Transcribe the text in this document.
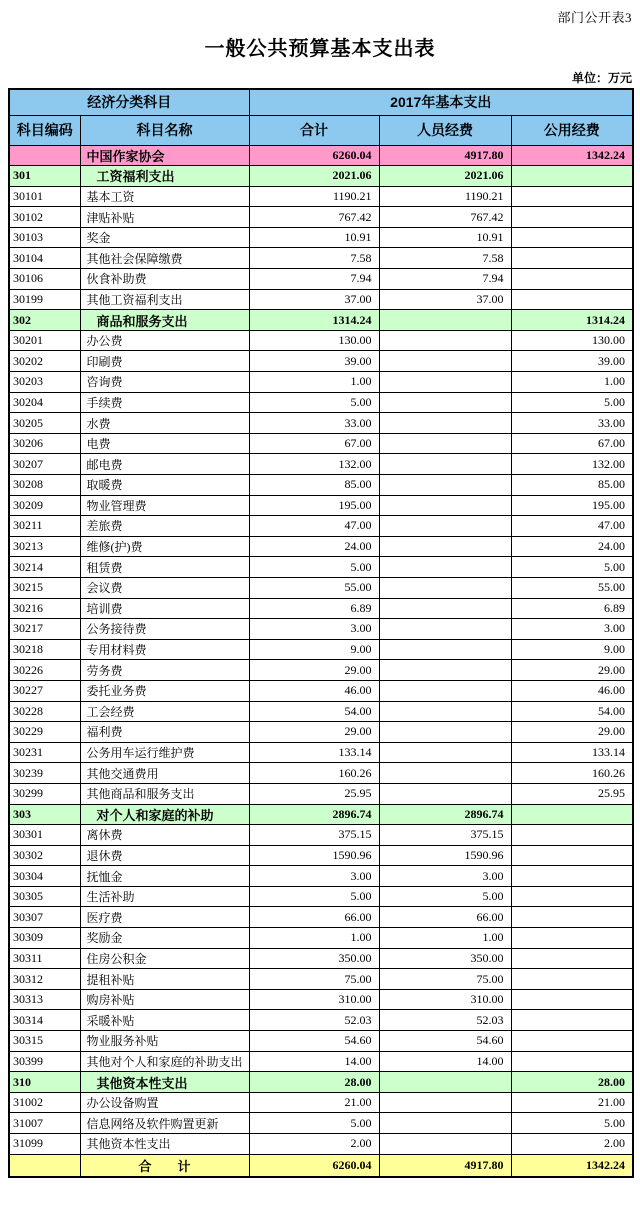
部门公开表3
一般公共预算基本支出表
单位：万元
经济分类科目		2017年基本支出		
科目编码	科目名称	合计	人员经费	公用经费
	中国作家协会	6260.04	4917.80	1342.24
301	工资福利支出	2021.06	2021.06	
30101	基本工资	1190.21	1190.21	
30102	津贴补贴	767.42	767.42	
30103	奖金	10.91	10.91	
30104	其他社会保障缴费	7.58	7.58	
30106	伙食补助费	7.94	7.94	
30199	其他工资福利支出	37.00	37.00	
302	商品和服务支出	1314.24		1314.24
30201	办公费	130.00		130.00
30202	印刷费	39.00		39.00
30203	咨询费	1.00		1.00
30204	手续费	5.00		5.00
30205	水费	33.00		33.00
30206	电费	67.00		67.00
30207	邮电费	132.00		132.00
30208	取暖费	85.00		85.00
30209	物业管理费	195.00		195.00
30211	差旅费	47.00		47.00
30213	维修(护)费	24.00		24.00
30214	租赁费	5.00		5.00
30215	会议费	55.00		55.00
30216	培训费	6.89		6.89
30217	公务接待费	3.00		3.00
30218	专用材料费	9.00		9.00
30226	劳务费	29.00		29.00
30227	委托业务费	46.00		46.00
30228	工会经费	54.00		54.00
30229	福利费	29.00		29.00
30231	公务用车运行维护费	133.14		133.14
30239	其他交通费用	160.26		160.26
30299	其他商品和服务支出	25.95		25.95
303	对个人和家庭的补助	2896.74	2896.74	
30301	离休费	375.15	375.15	
30302	退休费	1590.96	1590.96	
30304	抚恤金	3.00	3.00	
30305	生活补助	5.00	5.00	
30307	医疗费	66.00	66.00	
30309	奖励金	1.00	1.00	
30311	住房公积金	350.00	350.00	
30312	提租补贴	75.00	75.00	
30313	购房补贴	310.00	310.00	
30314	采暖补贴	52.03	52.03	
30315	物业服务补贴	54.60	54.60	
30399	其他对个人和家庭的补助支出	14.00	14.00	
310	其他资本性支出	28.00		28.00
31002	办公设备购置	21.00		21.00
31007	信息网络及软件购置更新	5.00		5.00
31099	其他资本性支出	2.00		2.00
	合　　计	6260.04	4917.80	1342.24
